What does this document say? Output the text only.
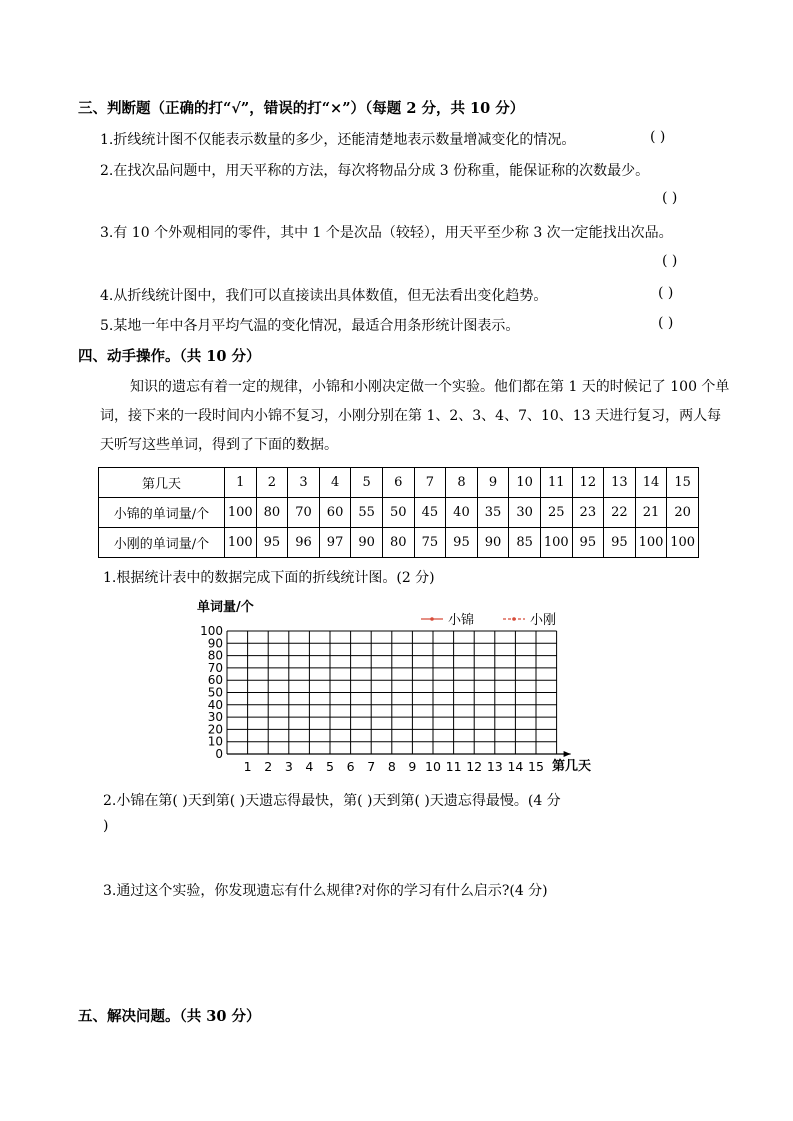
三、判断题（正确的打“√”，错误的打“×”）（每题 2 分，共 10 分）
1.折线统计图不仅能表示数量的多少，还能清楚地表示数量增减变化的情况。	( )
2.在找次品问题中，用天平称的方法，每次将物品分成 3 份称重，能保证称的次数最少。
( )
3.有 10 个外观相同的零件，其中 1 个是次品（较轻），用天平至少称 3 次一定能找出次品。
( )
4.从折线统计图中，我们可以直接读出具体数值，但无法看出变化趋势。	( )
5.某地一年中各月平均气温的变化情况，最适合用条形统计图表示。	( )
四、动手操作。（共 10 分）
知识的遗忘有着一定的规律，小锦和小刚决定做一个实验。他们都在第 1 天的时候记了 100 个单词，接下来的一段时间内小锦不复习，小刚分别在第 1、2、3、4、7、10、13 天进行复习，两人每天听写这些单词，得到了下面的数据。
第几天	1	2	3	4	5	6	7	8	9	10	11	12	13	14	15
小锦的单词量/个	100	80	70	60	55	50	45	40	35	30	25	23	22	21	20
小刚的单词量/个	100	95	96	97	90	80	75	95	90	85	100	95	95	100	100
1.根据统计表中的数据完成下面的折线统计图。(2 分)
单词量/个
小锦	小刚
0
10
20
30
40
50
60
70
80
90
100
1 2 3 4 5 6 7 8 9 10 11 12 13 14 15 第几天
2.小锦在第( )天到第( )天遗忘得最快，第( )天到第( )天遗忘得最慢。(4 分
)
3.通过这个实验，你发现遗忘有什么规律?对你的学习有什么启示?(4 分)
五、解决问题。（共 30 分）
